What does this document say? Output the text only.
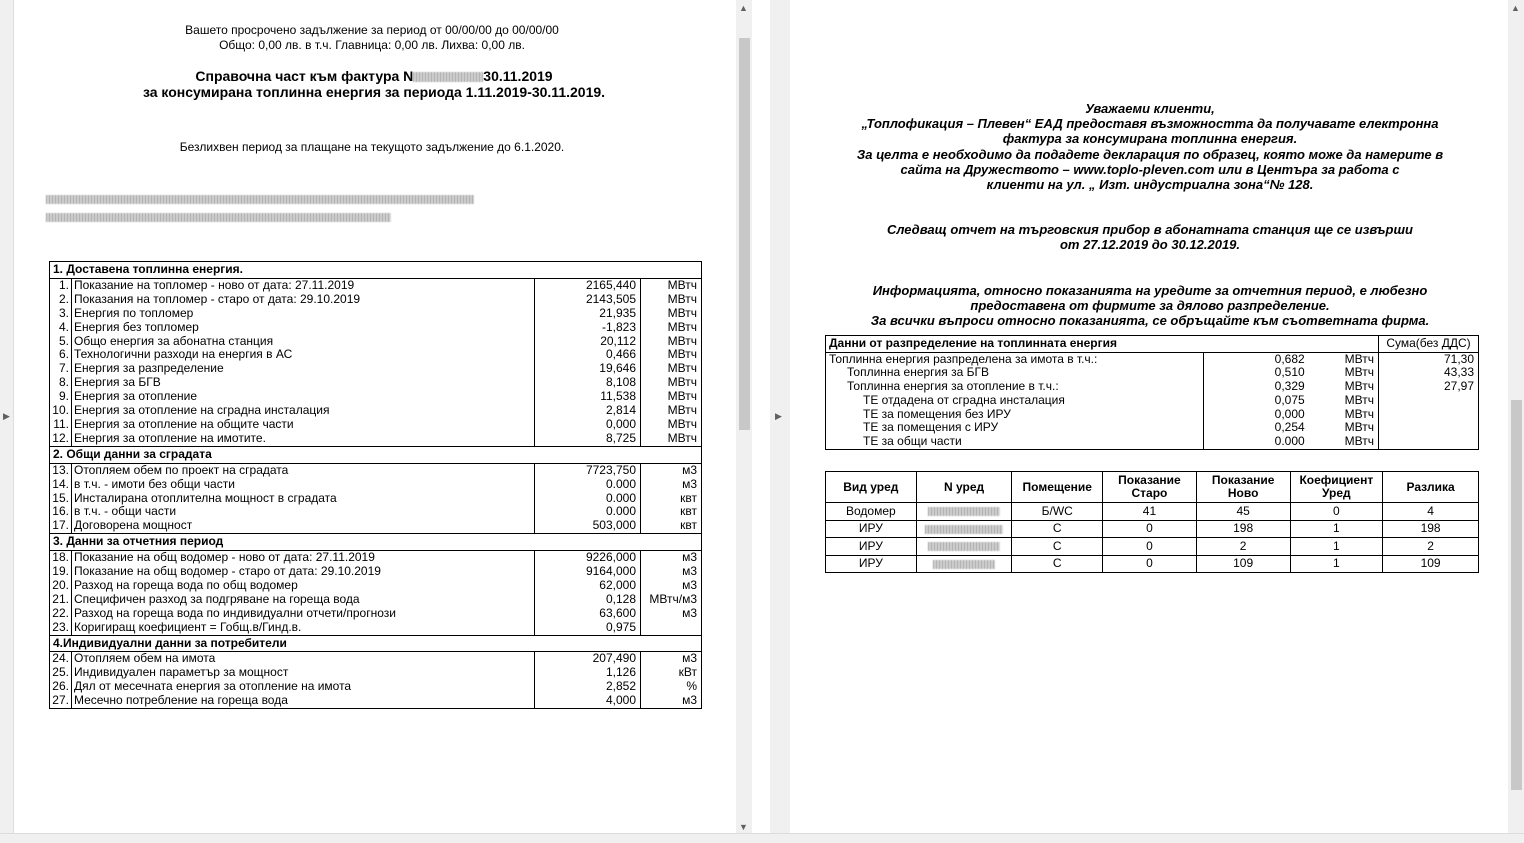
▶
▲
▼
▶
▲
Вашето просрочено задължение за период от 00/00/00 до 00/00/00
Общо: 0,00 лв. в т.ч. Главница: 0,00 лв. Лихва: 0,00 лв.
Справочна част към фактура N	30.11.2019
за консумирана топлинна енергия за периода 1.11.2019-30.11.2019.
Безлихвен период за плащане на текущото задължение до 6.1.2020.
1. Доставена топлинна енергия.			
1.	Показание на топломер - ново от дата: 27.11.2019	2165,440	МВтч
2.	Показания на топломер - старо от дата: 29.10.2019	2143,505	МВтч
3.	Енергия по топломер	21,935	МВтч
4.	Енергия без топломер	-1,823	МВтч
5.	Общо енергия за абонатна станция	20,112	МВтч
6.	Технологични разходи на енергия в АС	0,466	МВтч
7.	Енергия за разпределение	19,646	МВтч
8.	Енергия за БГВ	8,108	МВтч
9.	Енергия за отопление	11,538	МВтч
10.	Енергия за отопление на сградна инсталация	2,814	МВтч
11.	Енергия за отопление на общите части	0,000	МВтч
12.	Енергия за отопление на имотите.	8,725	МВтч
2. Общи данни за сградата			
13.	Отопляем обем по проект на сградата	7723,750	м3
14.	в т.ч. - имоти без общи части	0.000	м3
15.	Инсталирана отоплителна мощност в сградата	0.000	квт
16.	в т.ч. - общи части	0.000	квт
17.	Договорена мощност	503,000	квт
3. Данни за отчетния период			
18.	Показание на общ водомер - ново от дата: 27.11.2019	9226,000	м3
19.	Показание на общ водомер - старо от дата: 29.10.2019	9164,000	м3
20.	Разход на гореща вода по общ водомер	62,000	м3
21.	Специфичен разход за подгряване на гореща вода	0,128	МВтч/м3
22.	Разход на гореща вода по индивидуални отчети/прогнози	63,600	м3
23.	Коригиращ коефициент = Гобщ.в/Гинд.в.	0,975	
4.Индивидуални данни за потребители			
24.	Отопляем обем на имота	207,490	м3
25.	Индивидуален параметър за мощност	1,126	кВт
26.	Дял от месечната енергия за отопление на имота	2,852	%
27.	Месечно потребление на гореща вода	4,000	м3
Уважаеми клиенти,
„Топлофикация – Плевен“ ЕАД предоставя възможността да получавате електронна
фактура за консумирана топлинна енергия.
За целта е необходимо да подадете декларация по образец, която може да намерите в
сайта на Дружеството – www.toplo-pleven.com или в Центъра за работа с
клиенти на ул. „ Изт. индустриална зона“№ 128.
Следващ отчет на търговския прибор в абонатната станция ще се извърши
от 27.12.2019 до 30.12.2019.
Информацията, относно показанията на уредите за отчетния период, е любезно
предоставена от фирмите за дялово разпределение.
За всички въпроси относно показанията, се обръщайте към съответната фирма.
Данни от разпределение на топлинната енергия			Сума(без ДДС)
Топлинна енергия разпределена за имота в т.ч.:	0,682	МВтч	71,30
Топлинна енергия за БГВ	0,510	МВтч	43,33
Топлинна енергия за отопление в т.ч.:	0,329	МВтч	27,97
ТЕ отдадена от сградна инсталация	0,075	МВтч	
ТЕ за помещения без ИРУ	0,000	МВтч	
ТЕ за помещения с ИРУ	0,254	МВтч	
ТЕ за общи части	0.000	МВтч	
Вид уред	N уред	Помещение	Показание Старо	Показание Ново	Коефициент Уред	Разлика
Водомер		Б/WC	41	45	0	4
ИРУ		С	0	198	1	198
ИРУ		С	0	2	1	2
ИРУ		С	0	109	1	109
